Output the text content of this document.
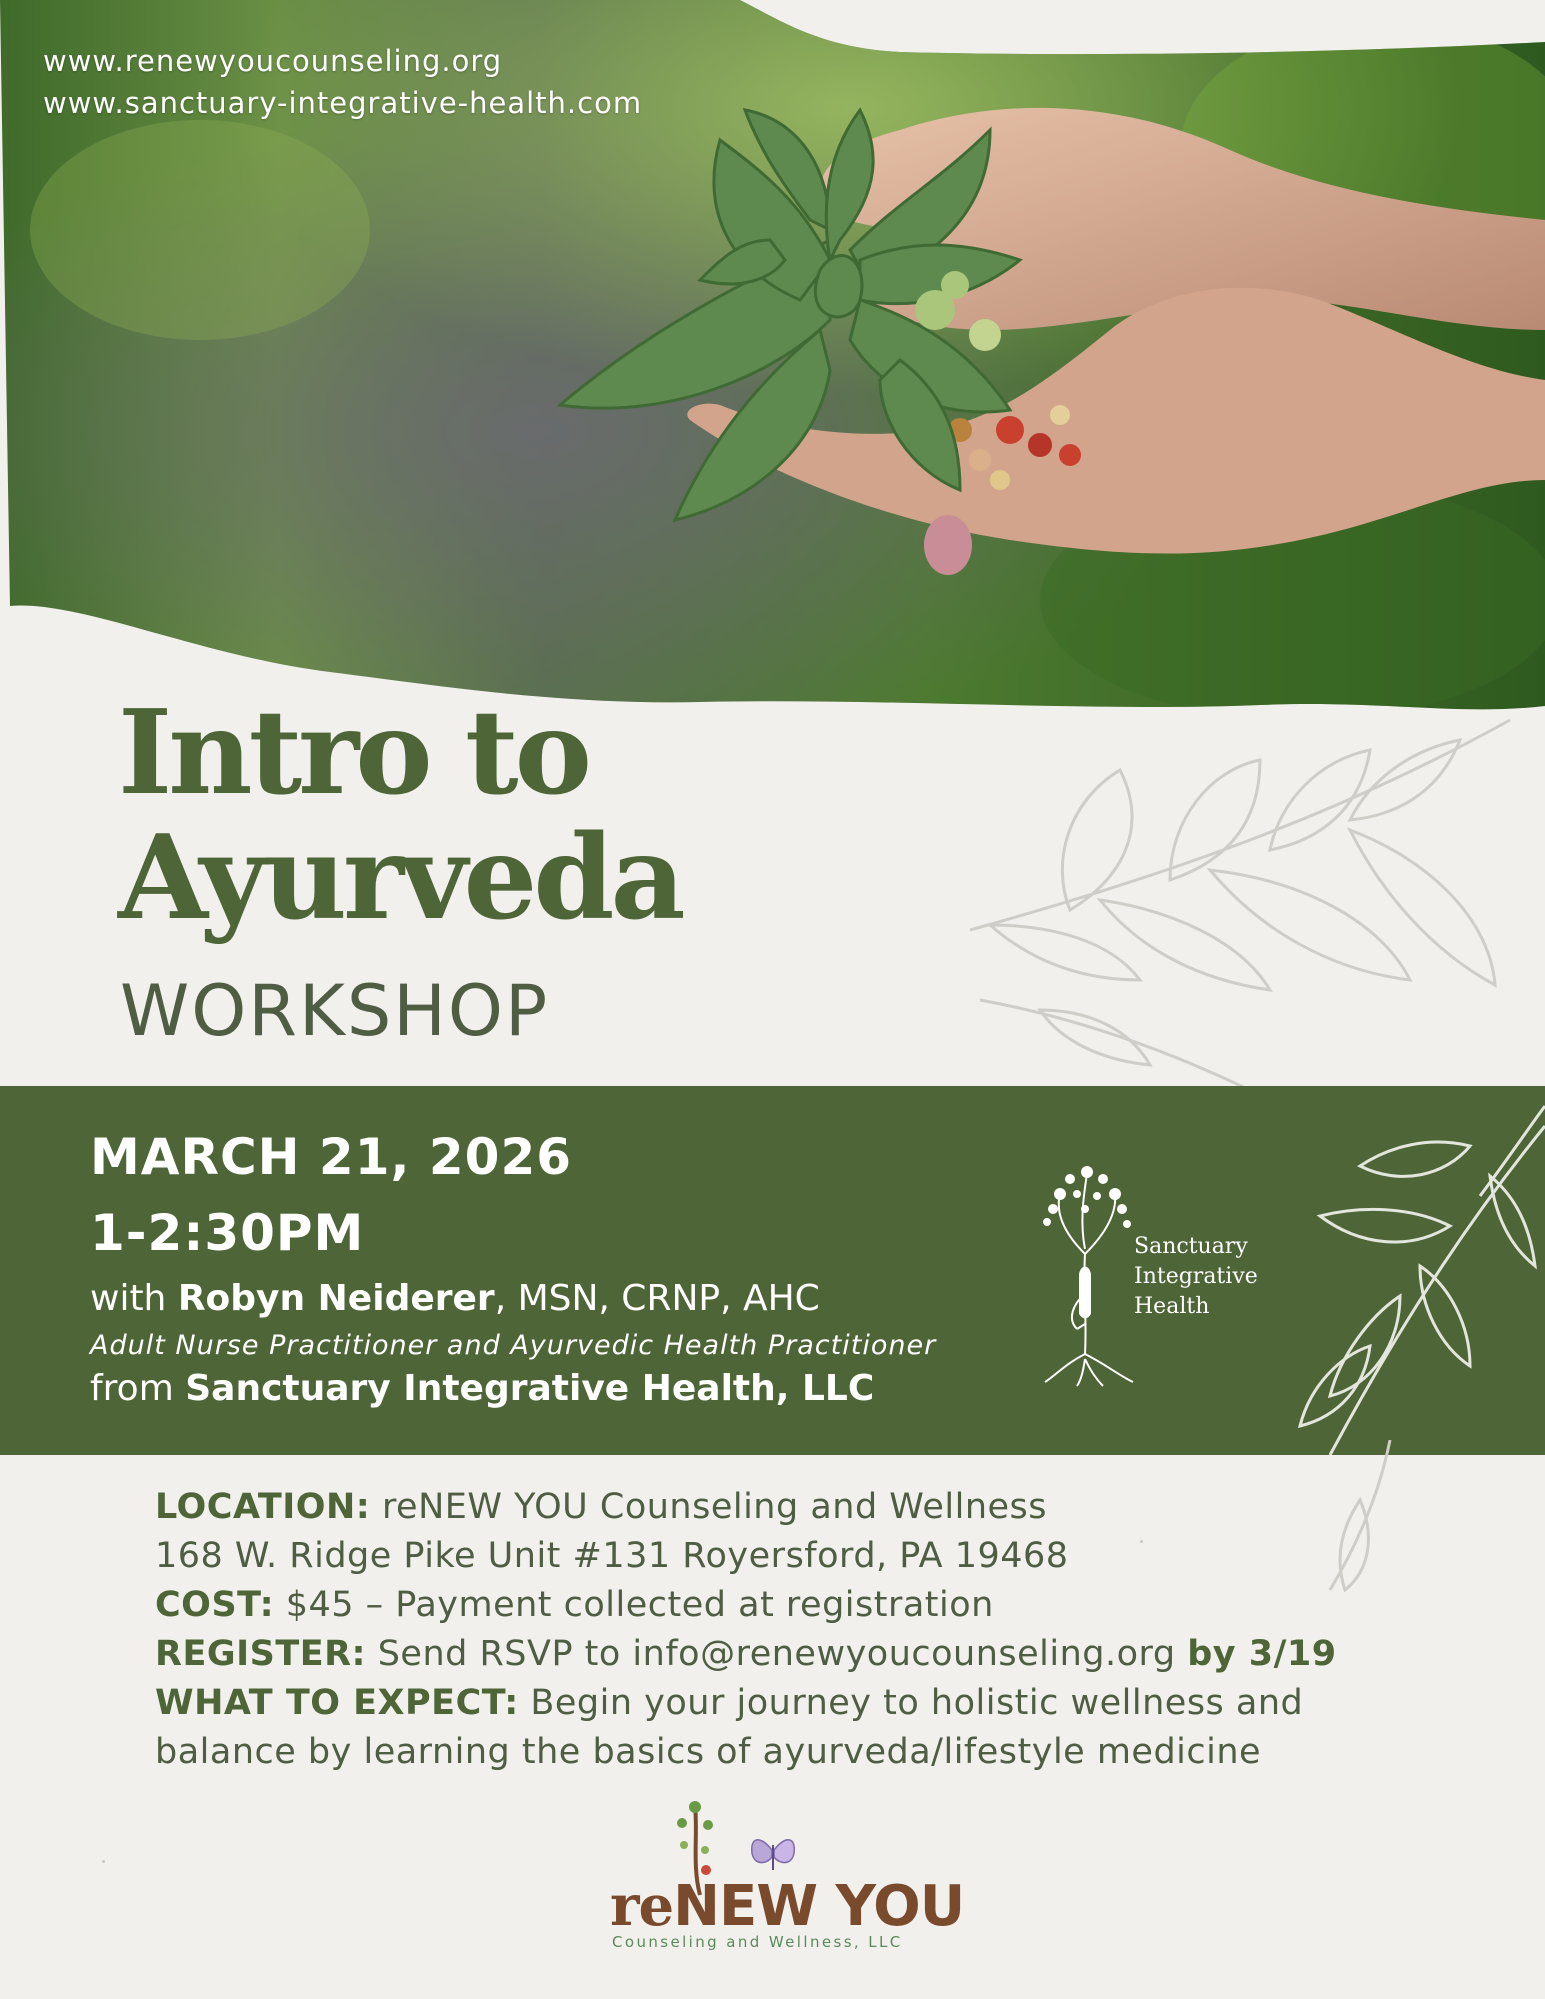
www.renewyoucounseling.org
www.sanctuary-integrative-health.com
Intro to
Ayurveda
WORKSHOP
MARCH 21, 2026
1-2:30PM
with Robyn Neiderer, MSN, CRNP, AHC
Adult Nurse Practitioner and Ayurvedic Health Practitioner
from Sanctuary Integrative Health, LLC
Sanctuary
Integrative
Health
LOCATION: reNEW YOU Counseling and Wellness
168 W. Ridge Pike Unit #131 Royersford, PA 19468
COST: $45 – Payment collected at registration
REGISTER: Send RSVP to info@renewyoucounseling.org by 3/19
WHAT TO EXPECT: Begin your journey to holistic wellness and
balance by learning the basics of ayurveda/lifestyle medicine
reNEW YOU
Counseling and Wellness, LLC
